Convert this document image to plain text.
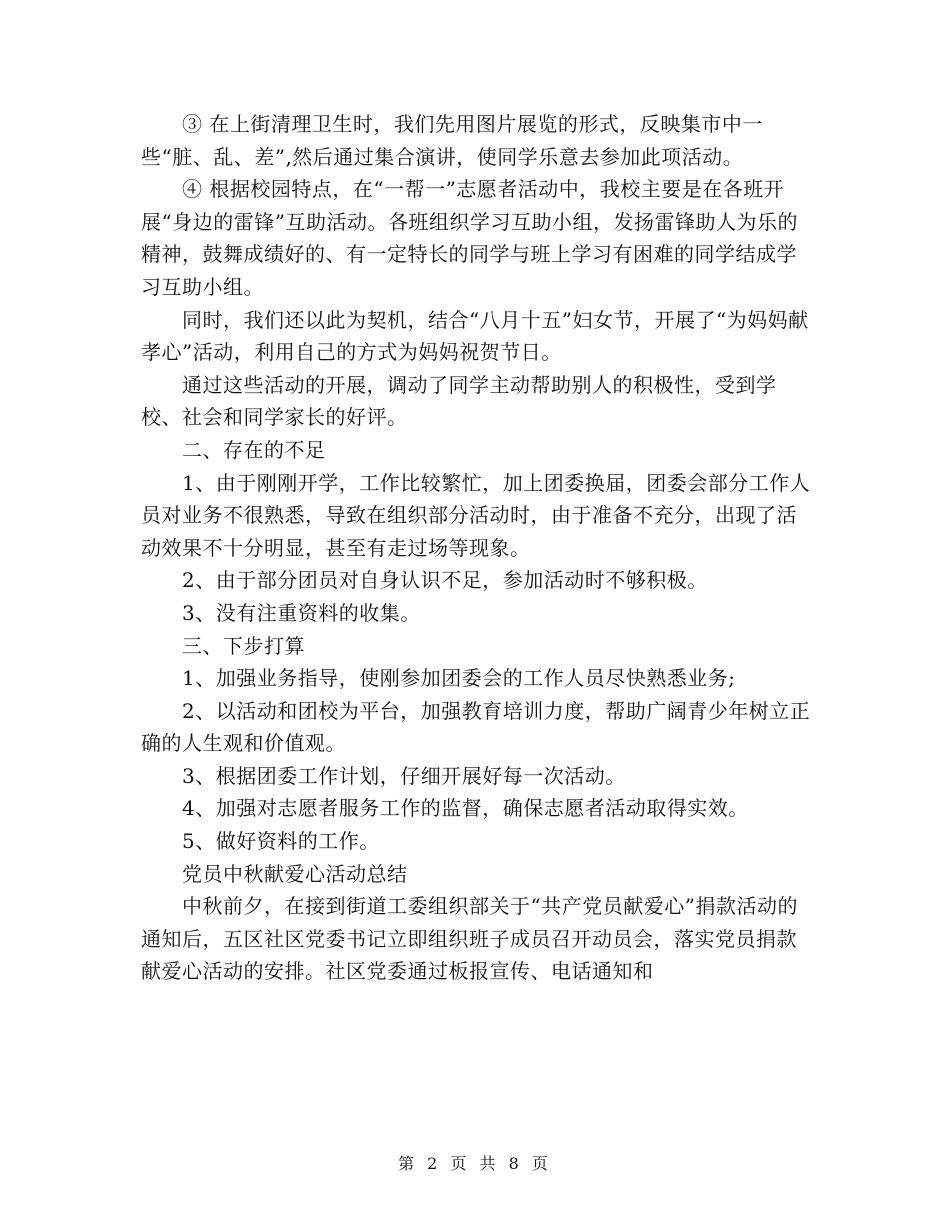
　　③ 在上街清理卫生时，我们先用图片展览的形式，反映集市中一些“脏、乱、差”,然后通过集合演讲，使同学乐意去参加此项活动。

　　④ 根据校园特点，在“一帮一”志愿者活动中，我校主要是在各班开展“身边的雷锋”互助活动。各班组织学习互助小组，发扬雷锋助人为乐的精神，鼓舞成绩好的、有一定特长的同学与班上学习有困难的同学结成学习互助小组。

　　同时，我们还以此为契机，结合“八月十五”妇女节，开展了“为妈妈献孝心”活动，利用自己的方式为妈妈祝贺节日。

　　通过这些活动的开展，调动了同学主动帮助别人的积极性，受到学校、社会和同学家长的好评。

　　二、存在的不足

　　1、由于刚刚开学，工作比较繁忙，加上团委换届，团委会部分工作人员对业务不很熟悉，导致在组织部分活动时，由于准备不充分，出现了活动效果不十分明显，甚至有走过场等现象。

　　2、由于部分团员对自身认识不足，参加活动时不够积极。

　　3、没有注重资料的收集。

　　三、下步打算

　　1、加强业务指导，使刚参加团委会的工作人员尽快熟悉业务;

　　2、以活动和团校为平台，加强教育培训力度，帮助广阔青少年树立正确的人生观和价值观。

　　3、根据团委工作计划，仔细开展好每一次活动。

　　4、加强对志愿者服务工作的监督，确保志愿者活动取得实效。

　　5、做好资料的工作。

　　党员中秋献爱心活动总结

　　中秋前夕，在接到街道工委组织部关于“共产党员献爱心”捐款活动的通知后，五区社区党委书记立即组织班子成员召开动员会，落实党员捐款献爱心活动的安排。社区党委通过板报宣传、电话通知和

第 2 页 共 8 页
